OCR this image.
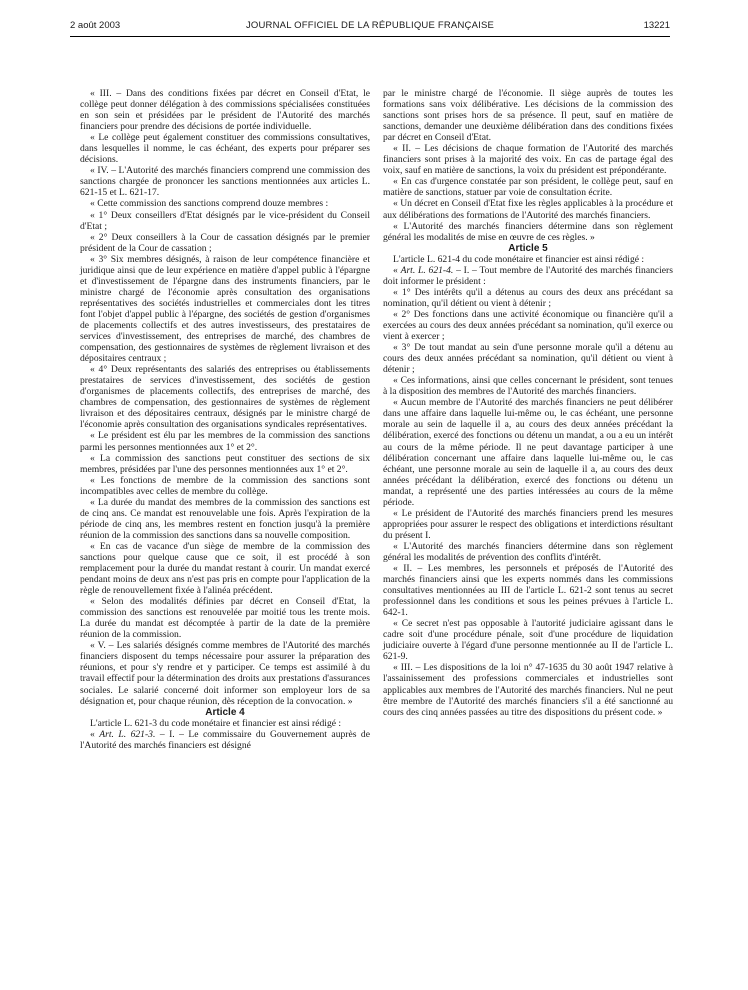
2 août 2003	JOURNAL OFFICIEL DE LA RÉPUBLIQUE FRANÇAISE	13221

« III. – Dans des conditions fixées par décret en Conseil d'Etat, le collège peut donner délégation à des commissions spécialisées constituées en son sein et présidées par le président de l'Autorité des marchés financiers pour prendre des décisions de portée individuelle.

« Le collège peut également constituer des commissions consultatives, dans lesquelles il nomme, le cas échéant, des experts pour préparer ses décisions.

« IV. – L'Autorité des marchés financiers comprend une commission des sanctions chargée de prononcer les sanctions mentionnées aux articles L. 621-15 et L. 621-17.

« Cette commission des sanctions comprend douze membres :

« 1° Deux conseillers d'Etat désignés par le vice-président du Conseil d'Etat ;

« 2° Deux conseillers à la Cour de cassation désignés par le premier président de la Cour de cassation ;

« 3° Six membres désignés, à raison de leur compétence financière et juridique ainsi que de leur expérience en matière d'appel public à l'épargne et d'investissement de l'épargne dans des instruments financiers, par le ministre chargé de l'économie après consultation des organisations représentatives des sociétés industrielles et commerciales dont les titres font l'objet d'appel public à l'épargne, des sociétés de gestion d'organismes de placements collectifs et des autres investisseurs, des prestataires de services d'investissement, des entreprises de marché, des chambres de compensation, des gestionnaires de systèmes de règlement livraison et des dépositaires centraux ;

« 4° Deux représentants des salariés des entreprises ou établissements prestataires de services d'investissement, des sociétés de gestion d'organismes de placements collectifs, des entreprises de marché, des chambres de compensation, des gestionnaires de systèmes de règlement livraison et des dépositaires centraux, désignés par le ministre chargé de l'économie après consultation des organisations syndicales représentatives.

« Le président est élu par les membres de la commission des sanctions parmi les personnes mentionnées aux 1° et 2°.

« La commission des sanctions peut constituer des sections de six membres, présidées par l'une des personnes mentionnées aux 1° et 2°.

« Les fonctions de membre de la commission des sanctions sont incompatibles avec celles de membre du collège.

« La durée du mandat des membres de la commission des sanctions est de cinq ans. Ce mandat est renouvelable une fois. Après l'expiration de la période de cinq ans, les membres restent en fonction jusqu'à la première réunion de la commission des sanctions dans sa nouvelle composition.

« En cas de vacance d'un siège de membre de la commission des sanctions pour quelque cause que ce soit, il est procédé à son remplacement pour la durée du mandat restant à courir. Un mandat exercé pendant moins de deux ans n'est pas pris en compte pour l'application de la règle de renouvellement fixée à l'alinéa précédent.

« Selon des modalités définies par décret en Conseil d'Etat, la commission des sanctions est renouvelée par moitié tous les trente mois. La durée du mandat est décomptée à partir de la date de la première réunion de la commission.

« V. – Les salariés désignés comme membres de l'Autorité des marchés financiers disposent du temps nécessaire pour assurer la préparation des réunions, et pour s'y rendre et y participer. Ce temps est assimilé à du travail effectif pour la détermination des droits aux prestations d'assurances sociales. Le salarié concerné doit informer son employeur lors de sa désignation et, pour chaque réunion, dès réception de la convocation. »

Article 4

L'article L. 621-3 du code monétaire et financier est ainsi rédigé :

« Art. L. 621-3. – I. – Le commissaire du Gouvernement auprès de l'Autorité des marchés financiers est désigné

par le ministre chargé de l'économie. Il siège auprès de toutes les formations sans voix délibérative. Les décisions de la commission des sanctions sont prises hors de sa présence. Il peut, sauf en matière de sanctions, demander une deuxième délibération dans des conditions fixées par décret en Conseil d'Etat.

« II. – Les décisions de chaque formation de l'Autorité des marchés financiers sont prises à la majorité des voix. En cas de partage égal des voix, sauf en matière de sanctions, la voix du président est prépondérante.

« En cas d'urgence constatée par son président, le collège peut, sauf en matière de sanctions, statuer par voie de consultation écrite.

« Un décret en Conseil d'Etat fixe les règles applicables à la procédure et aux délibérations des formations de l'Autorité des marchés financiers.

« L'Autorité des marchés financiers détermine dans son règlement général les modalités de mise en œuvre de ces règles. »

Article 5

L'article L. 621-4 du code monétaire et financier est ainsi rédigé :

« Art. L. 621-4. – I. – Tout membre de l'Autorité des marchés financiers doit informer le président :

« 1° Des intérêts qu'il a détenus au cours des deux ans précédant sa nomination, qu'il détient ou vient à détenir ;

« 2° Des fonctions dans une activité économique ou financière qu'il a exercées au cours des deux années précédant sa nomination, qu'il exerce ou vient à exercer ;

« 3° De tout mandat au sein d'une personne morale qu'il a détenu au cours des deux années précédant sa nomination, qu'il détient ou vient à détenir ;

« Ces informations, ainsi que celles concernant le président, sont tenues à la disposition des membres de l'Autorité des marchés financiers.

« Aucun membre de l'Autorité des marchés financiers ne peut délibérer dans une affaire dans laquelle lui-même ou, le cas échéant, une personne morale au sein de laquelle il a, au cours des deux années précédant la délibération, exercé des fonctions ou détenu un mandat, a ou a eu un intérêt au cours de la même période. Il ne peut davantage participer à une délibération concernant une affaire dans laquelle lui-même ou, le cas échéant, une personne morale au sein de laquelle il a, au cours des deux années précédant la délibération, exercé des fonctions ou détenu un mandat, a représenté une des parties intéressées au cours de la même période.

« Le président de l'Autorité des marchés financiers prend les mesures appropriées pour assurer le respect des obligations et interdictions résultant du présent I.

« L'Autorité des marchés financiers détermine dans son règlement général les modalités de prévention des conflits d'intérêt.

« II. – Les membres, les personnels et préposés de l'Autorité des marchés financiers ainsi que les experts nommés dans les commissions consultatives mentionnées au III de l'article L. 621-2 sont tenus au secret professionnel dans les conditions et sous les peines prévues à l'article L. 642-1.

« Ce secret n'est pas opposable à l'autorité judiciaire agissant dans le cadre soit d'une procédure pénale, soit d'une procédure de liquidation judiciaire ouverte à l'égard d'une personne mentionnée au II de l'article L. 621-9.

« III. – Les dispositions de la loi n° 47-1635 du 30 août 1947 relative à l'assainissement des professions commerciales et industrielles sont applicables aux membres de l'Autorité des marchés financiers. Nul ne peut être membre de l'Autorité des marchés financiers s'il a été sanctionné au cours des cinq années passées au titre des dispositions du présent code. »
